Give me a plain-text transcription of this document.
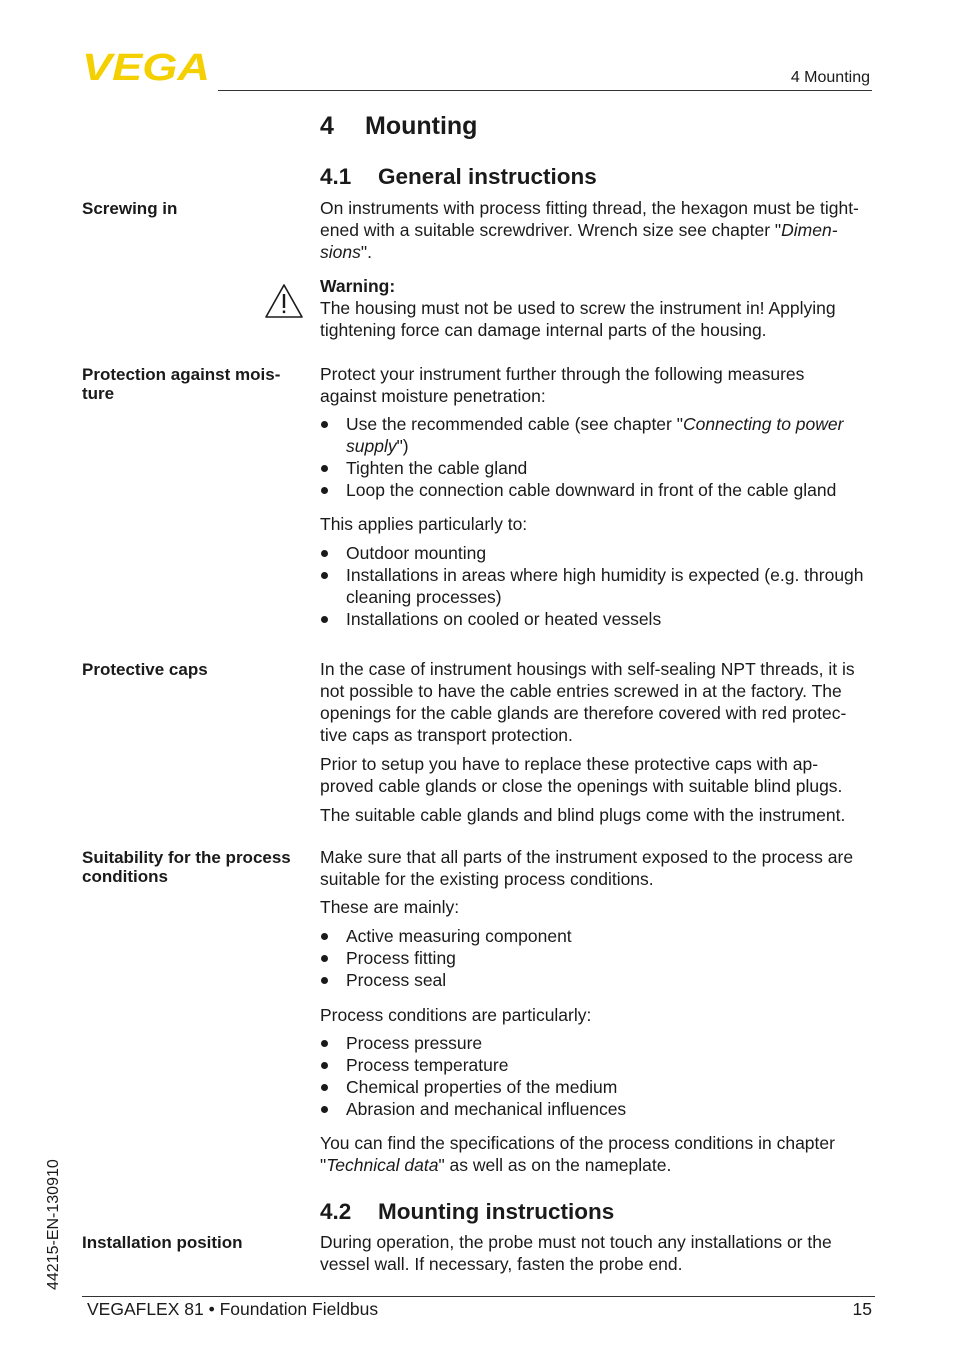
VEGA	4 Mounting
4 Mounting
4.1 General instructions
Screwing in	On instruments with process fitting thread, the hexagon must be tight-
ened with a suitable screwdriver. Wrench size see chapter "Dimen-
sions".
Warning:
The housing must not be used to screw the instrument in! Applying
tightening force can damage internal parts of the housing.
Protection against mois-
ture
Protect your instrument further through the following measures
against moisture penetration:
Use the recommended cable (see chapter "Connecting to power
supply")
Tighten the cable gland
Loop the connection cable downward in front of the cable gland
This applies particularly to:
Outdoor mounting
Installations in areas where high humidity is expected (e.g. through
cleaning processes)
Installations on cooled or heated vessels
Protective caps	In the case of instrument housings with self-sealing NPT threads, it is
not possible to have the cable entries screwed in at the factory. The
openings for the cable glands are therefore covered with red protec-
tive caps as transport protection.
Prior to setup you have to replace these protective caps with ap-
proved cable glands or close the openings with suitable blind plugs.
The suitable cable glands and blind plugs come with the instrument.
Suitability for the process
conditions
Make sure that all parts of the instrument exposed to the process are
suitable for the existing process conditions.
These are mainly:
Active measuring component
Process fitting
Process seal
Process conditions are particularly:
Process pressure
Process temperature
Chemical properties of the medium
Abrasion and mechanical influences
You can find the specifications of the process conditions in chapter
"Technical data" as well as on the nameplate.
4.2 Mounting instructions
Installation position	During operation, the probe must not touch any installations or the
vessel wall. If necessary, fasten the probe end.
44215-EN-130910
VEGAFLEX 81 • Foundation Fieldbus	15
